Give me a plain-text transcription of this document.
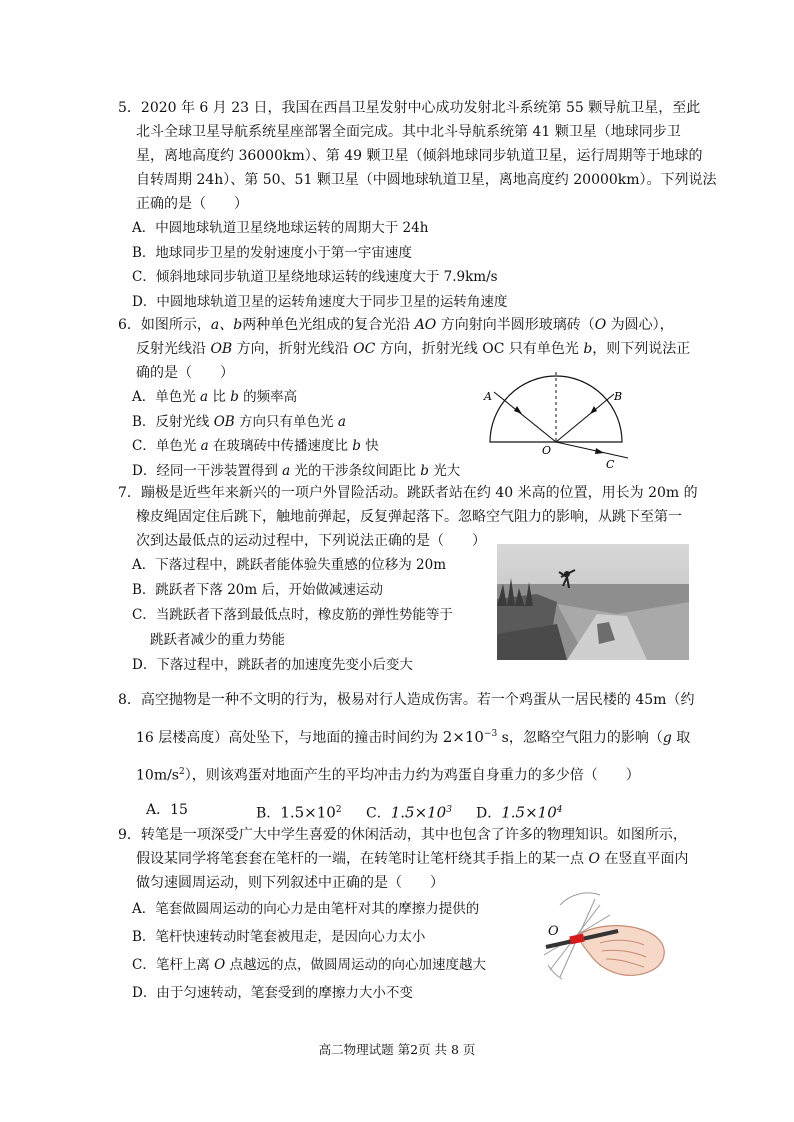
5．2020 年 6 月 23 日，我国在西昌卫星发射中心成功发射北斗系统第 55 颗导航卫星，至此
北斗全球卫星导航系统星座部署全面完成。其中北斗导航系统第 41 颗卫星（地球同步卫
星，离地高度约 36000km）、第 49 颗卫星（倾斜地球同步轨道卫星，运行周期等于地球的
自转周期 24h）、第 50、51 颗卫星（中圆地球轨道卫星，离地高度约 20000km）。下列说法
正确的是（　　）
A．中圆地球轨道卫星绕地球运转的周期大于 24h
B．地球同步卫星的发射速度小于第一宇宙速度
C．倾斜地球同步轨道卫星绕地球运转的线速度大于 7.9km/s
D．中圆地球轨道卫星的运转角速度大于同步卫星的运转角速度
6．如图所示，a、b两种单色光组成的复合光沿 AO 方向射向半圆形玻璃砖（O 为圆心），
反射光线沿 OB 方向，折射光线沿 OC 方向，折射光线 OC 只有单色光 b，则下列说法正
确的是（　　）
A．单色光 a 比 b 的频率高
B．反射光线 OB 方向只有单色光 a
C．单色光 a 在玻璃砖中传播速度比 b 快
D．经同一干涉装置得到 a 光的干涉条纹间距比 b 光大
A	B
O
C
7．蹦极是近些年来新兴的一项户外冒险活动。跳跃者站在约 40 米高的位置，用长为 20m 的
橡皮绳固定住后跳下，触地前弹起，反复弹起落下。忽略空气阻力的影响，从跳下至第一
次到达最低点的运动过程中，下列说法正确的是（　　）
A．下落过程中，跳跃者能体验失重感的位移为 20m
B．跳跃者下落 20m 后，开始做减速运动
C．当跳跃者下落到最低点时，橡皮筋的弹性势能等于
跳跃者减少的重力势能
D．下落过程中，跳跃者的加速度先变小后变大
8．高空抛物是一种不文明的行为，极易对行人造成伤害。若一个鸡蛋从一居民楼的 45m（约
16 层楼高度）高处坠下，与地面的撞击时间约为 $2\times 10^{-3}$ s，忽略空气阻力的影响（g 取
$10m/s^2$），则该鸡蛋对地面产生的平均冲击力约为鸡蛋自身重力的多少倍（　　）
A．15	B．$1.5\times 10^2$	C．$1.5\times 10^3$	D．$1.5\times 10^4$
9．转笔是一项深受广大中学生喜爱的休闲活动，其中也包含了许多的物理知识。如图所示，
假设某同学将笔套套在笔杆的一端，在转笔时让笔杆绕其手指上的某一点 O 在竖直平面内
做匀速圆周运动，则下列叙述中正确的是（　　）
A．笔套做圆周运动的向心力是由笔杆对其的摩擦力提供的
B．笔杆快速转动时笔套被甩走，是因向心力太小
C．笔杆上离 O 点越远的点，做圆周运动的向心加速度越大
D．由于匀速转动，笔套受到的摩擦力大小不变
O
高二物理试题 第2页 共 8 页
